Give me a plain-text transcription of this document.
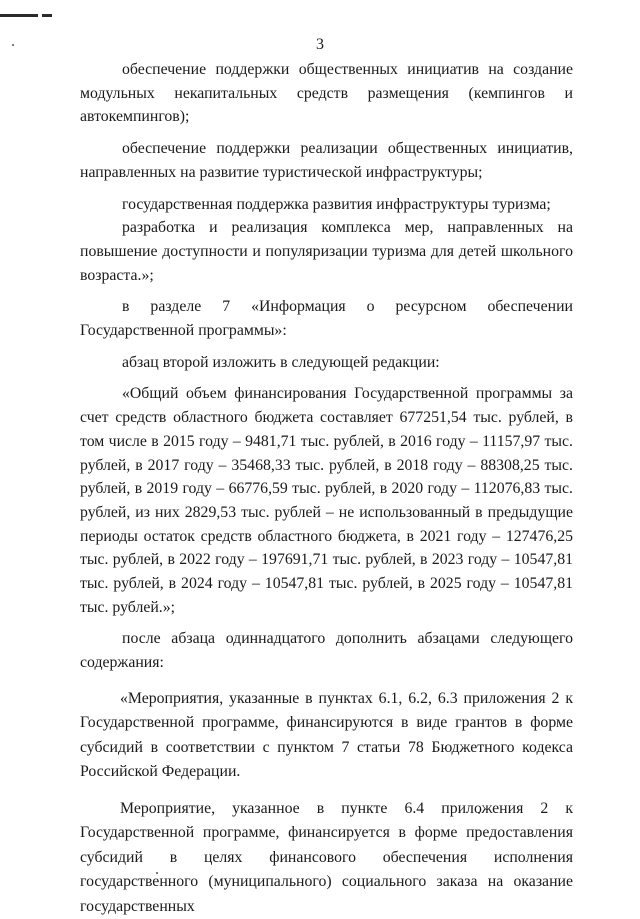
3

обеспечение поддержки общественных инициатив на создание модульных некапитальных средств размещения (кемпингов и автокемпингов);

обеспечение поддержки реализации общественных инициатив, направленных на развитие туристической инфраструктуры;

государственная поддержка развития инфраструктуры туризма;

разработка и реализация комплекса мер, направленных на повышение доступности и популяризации туризма для детей школьного возраста.»;

в разделе 7 «Информация о ресурсном обеспечении Государственной программы»:

абзац второй изложить в следующей редакции:

«Общий объем финансирования Государственной программы за счет средств областного бюджета составляет 677251,54 тыс. рублей, в том числе в 2015 году – 9481,71 тыс. рублей, в 2016 году – 11157,97 тыс. рублей, в 2017 году – 35468,33 тыс. рублей, в 2018 году – 88308,25 тыс. рублей, в 2019 году – 66776,59 тыс. рублей, в 2020 году – 112076,83 тыс. рублей, из них 2829,53 тыс. рублей – не использованный в предыдущие периоды остаток средств областного бюджета, в 2021 году – 127476,25 тыс. рублей, в 2022 году – 197691,71 тыс. рублей, в 2023 году – 10547,81 тыс. рублей, в 2024 году – 10547,81 тыс. рублей, в 2025 году – 10547,81 тыс. рублей.»;

после абзаца одиннадцатого дополнить абзацами следующего содержания:

«Мероприятия, указанные в пунктах 6.1, 6.2, 6.3 приложения 2 к Государственной программе, финансируются в виде грантов в форме субсидий в соответствии с пунктом 7 статьи 78 Бюджетного кодекса Российской Федерации.

Мероприятие, указанное в пункте 6.4 приложения 2 к Государственной программе, финансируется в форме предоставления субсидий в целях финансового обеспечения исполнения государственного (муниципального) социального заказа на оказание государственных
